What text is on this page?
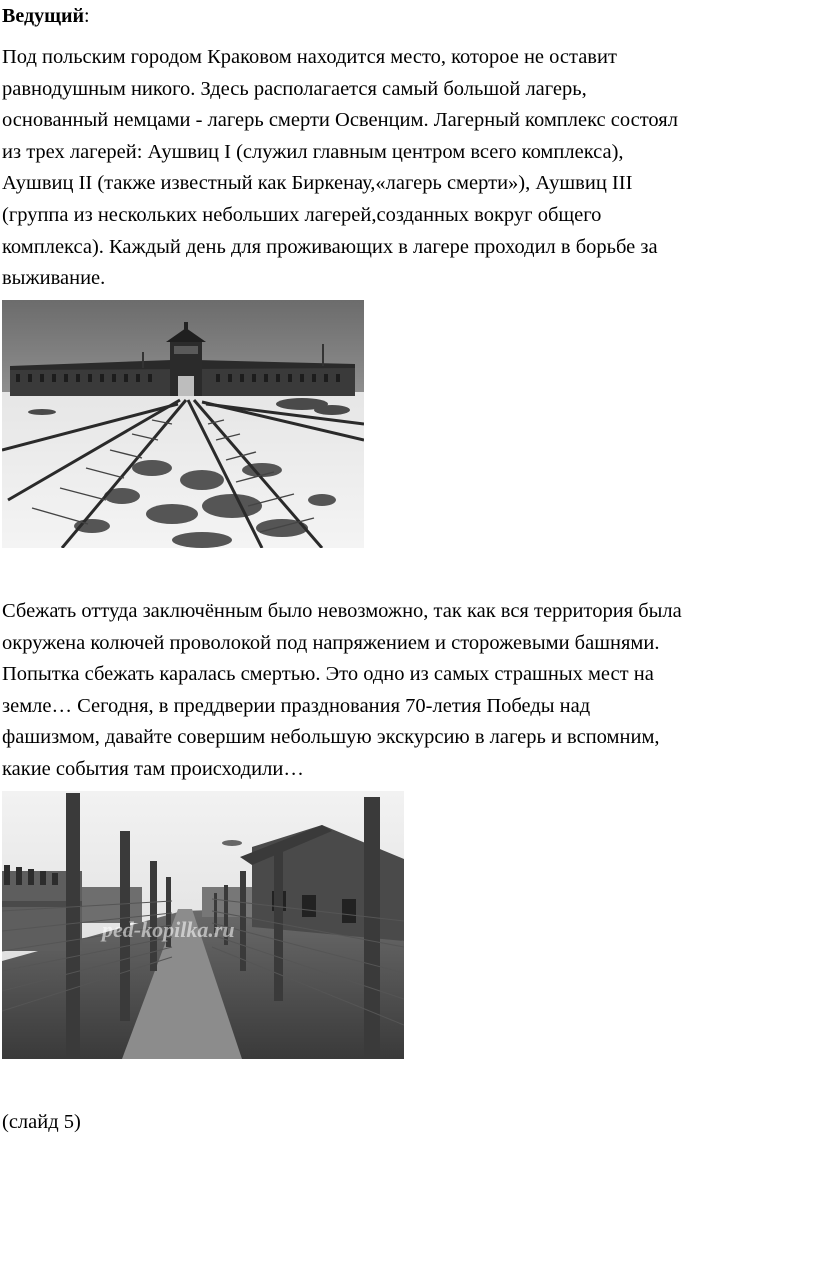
Ведущий:

Под польским городом Краковом находится место, которое не оставит
равнодушным никого. Здесь располагается самый большой лагерь,
основанный немцами - лагерь смерти Освенцим. Лагерный комплекс состоял
из трех лагерей: Аушвиц I (служил главным центром всего комплекса),
Аушвиц II (также известный как Биркенау,«лагерь смерти»), Аушвиц III
(группа из нескольких небольших лагерей,созданных вокруг общего
комплекса). Каждый день для проживающих в лагере проходил в борьбе за
выживание.

Сбежать оттуда заключённым было невозможно, так как вся территория была
окружена колючей проволокой под напряжением и сторожевыми башнями.
Попытка сбежать каралась смертью. Это одно из самых страшных мест на
земле… Сегодня, в преддверии празднования 70-летия Победы над
фашизмом, давайте совершим небольшую экскурсию в лагерь и вспомним,
какие события там происходили…

ped-kopilka.ru
(слайд 5)
